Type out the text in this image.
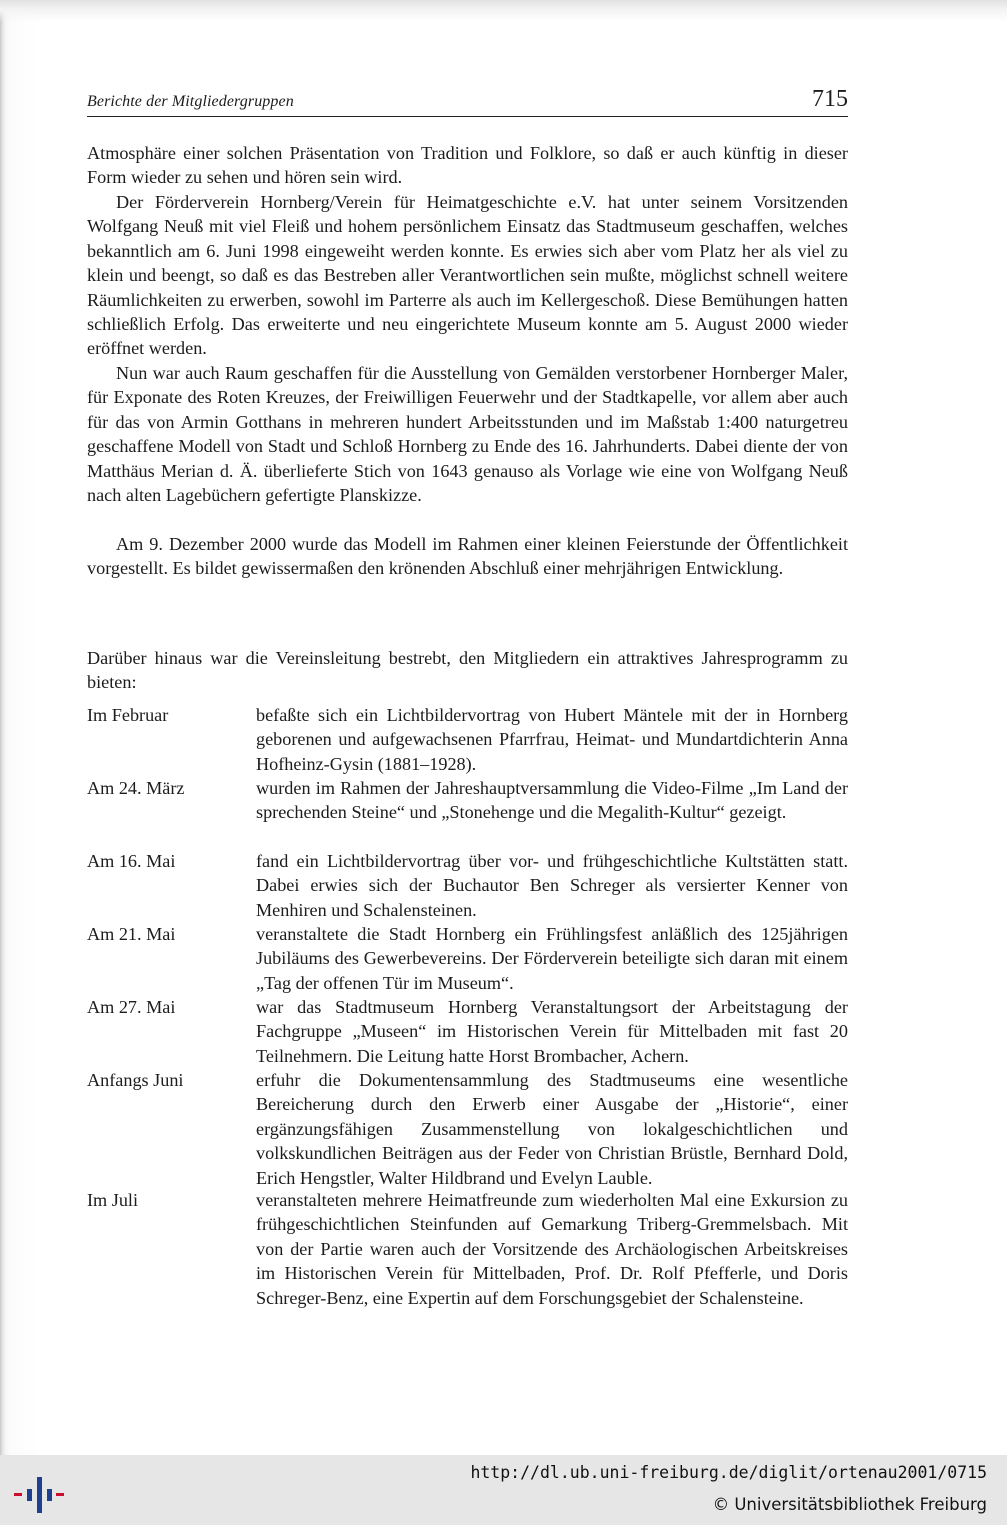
Berichte der Mitgliedergruppen	715

Atmosphäre einer solchen Präsentation von Tradition und Folklore, so daß er auch künftig in dieser Form wieder zu sehen und hören sein wird.

Der Förderverein Hornberg/Verein für Heimatgeschichte e.V. hat unter seinem Vorsitzenden Wolfgang Neuß mit viel Fleiß und hohem persönlichem Einsatz das Stadtmuseum geschaffen, welches bekanntlich am 6. Juni 1998 eingeweiht werden konnte. Es erwies sich aber vom Platz her als viel zu klein und beengt, so daß es das Bestreben aller Verantwortlichen sein mußte, möglichst schnell weitere Räumlichkeiten zu erwerben, sowohl im Parterre als auch im Kellergeschoß. Diese Bemühungen hatten schließlich Erfolg. Das erweiterte und neu eingerichtete Museum konnte am 5. August 2000 wieder eröffnet werden.

Nun war auch Raum geschaffen für die Ausstellung von Gemälden verstorbener Hornberger Maler, für Exponate des Roten Kreuzes, der Freiwilligen Feuerwehr und der Stadtkapelle, vor allem aber auch für das von Armin Gotthans in mehreren hundert Arbeitsstunden und im Maßstab 1:400 naturgetreu geschaffene Modell von Stadt und Schloß Hornberg zu Ende des 16. Jahrhunderts. Dabei diente der von Matthäus Merian d. Ä. überlieferte Stich von 1643 genauso als Vorlage wie eine von Wolfgang Neuß nach alten Lagebüchern gefertigte Planskizze.

Am 9. Dezember 2000 wurde das Modell im Rahmen einer kleinen Feierstunde der Öffentlichkeit vorgestellt. Es bildet gewissermaßen den krönenden Abschluß einer mehrjährigen Entwicklung.

Darüber hinaus war die Vereinsleitung bestrebt, den Mitgliedern ein attraktives Jahresprogramm zu bieten:

Im Februar	befaßte sich ein Lichtbildervortrag von Hubert Mäntele mit der in Hornberg geborenen und aufgewachsenen Pfarrfrau, Heimat- und Mundartdichterin Anna Hofheinz-Gysin (1881–1928).
Am 24. März	wurden im Rahmen der Jahreshauptversammlung die Video-Filme „Im Land der sprechenden Steine“ und „Stonehenge und die Megalith-Kultur“ gezeigt.
Am 16. Mai	fand ein Lichtbildervortrag über vor- und frühgeschichtliche Kultstätten statt. Dabei erwies sich der Buchautor Ben Schreger als versierter Kenner von Menhiren und Schalensteinen.
Am 21. Mai	veranstaltete die Stadt Hornberg ein Frühlingsfest anläßlich des 125jährigen Jubiläums des Gewerbevereins. Der Förderverein beteiligte sich daran mit einem „Tag der offenen Tür im Museum“.
Am 27. Mai	war das Stadtmuseum Hornberg Veranstaltungsort der Arbeitstagung der Fachgruppe „Museen“ im Historischen Verein für Mittelbaden mit fast 20 Teilnehmern. Die Leitung hatte Horst Brombacher, Achern.
Anfangs Juni	erfuhr die Dokumentensammlung des Stadtmuseums eine wesentliche Bereicherung durch den Erwerb einer Ausgabe der „Historie“, einer ergänzungsfähigen Zusammenstellung von lokalgeschichtlichen und volkskundlichen Beiträgen aus der Feder von Christian Brüstle, Bernhard Dold, Erich Hengstler, Walter Hildbrand und Evelyn Lauble.
Im Juli	veranstalteten mehrere Heimatfreunde zum wiederholten Mal eine Exkursion zu frühgeschichtlichen Steinfunden auf Gemarkung Triberg-Gremmelsbach. Mit von der Partie waren auch der Vorsitzende des Archäologischen Arbeitskreises im Historischen Verein für Mittelbaden, Prof. Dr. Rolf Pfefferle, und Doris Schreger-Benz, eine Expertin auf dem Forschungsgebiet der Schalensteine.
http://dl.ub.uni-freiburg.de/diglit/ortenau2001/0715
© Universitätsbibliothek Freiburg
